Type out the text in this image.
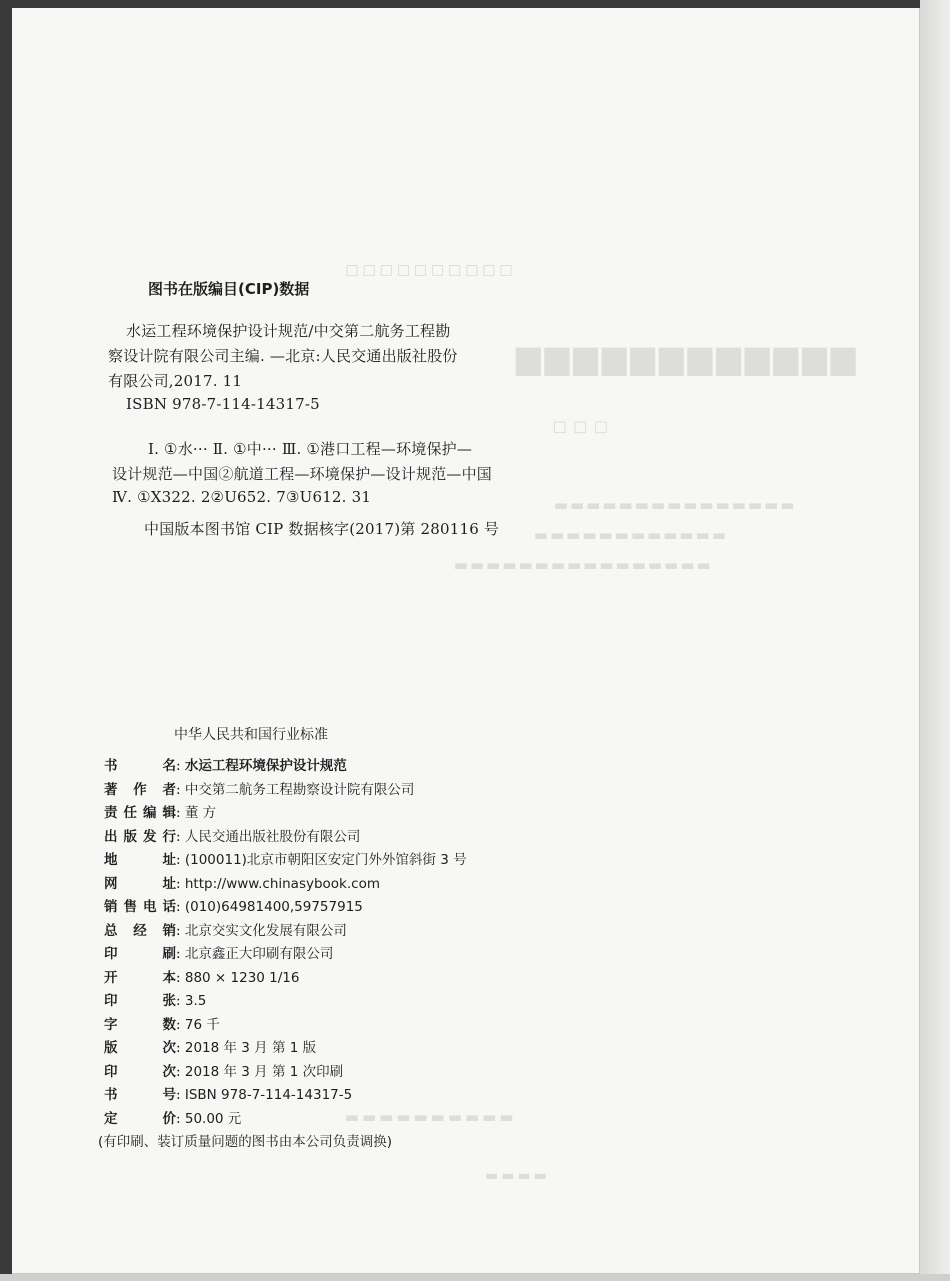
◻◻◻◻◻◻◻◻◻◻
▆▆▆▆▆▆▆▆▆▆▆▆
◻ ◻ ◻
▬▬▬▬▬▬▬▬▬▬▬▬▬▬▬
▬▬▬▬▬▬▬▬▬▬▬▬
▬▬▬▬▬▬▬▬▬▬▬▬▬▬▬▬
▬▬▬▬▬▬▬▬▬▬
▬▬▬▬
图书在版编目(CIP)数据
水运工程环境保护设计规范/中交第二航务工程勘
察设计院有限公司主编. —北京:人民交通出版社股份
有限公司,2017. 11
ISBN 978-7-114-14317-5
Ⅰ. ①水··· Ⅱ. ①中··· Ⅲ. ①港口工程—环境保护—
设计规范—中国②航道工程—环境保护—设计规范—中国
Ⅳ. ①X322. 2②U652. 7③U612. 31
中国版本图书馆 CIP 数据核字(2017)第 280116 号
中华人民共和国行业标准
书名: 水运工程环境保护设计规范
著作者: 中交第二航务工程勘察设计院有限公司
责任编辑: 董 方
出版发行: 人民交通出版社股份有限公司
地址: (100011)北京市朝阳区安定门外外馆斜街 3 号
网址: http://www.chinasybook.com
销售电话: (010)64981400,59757915
总经销: 北京交实文化发展有限公司
印刷: 北京鑫正大印刷有限公司
开本: 880 × 1230 1/16
印张: 3.5
字数: 76 千
版次: 2018 年 3 月 第 1 版
印次: 2018 年 3 月 第 1 次印刷
书号: ISBN 978-7-114-14317-5
定价: 50.00 元
(有印刷、装订质量问题的图书由本公司负责调换)
